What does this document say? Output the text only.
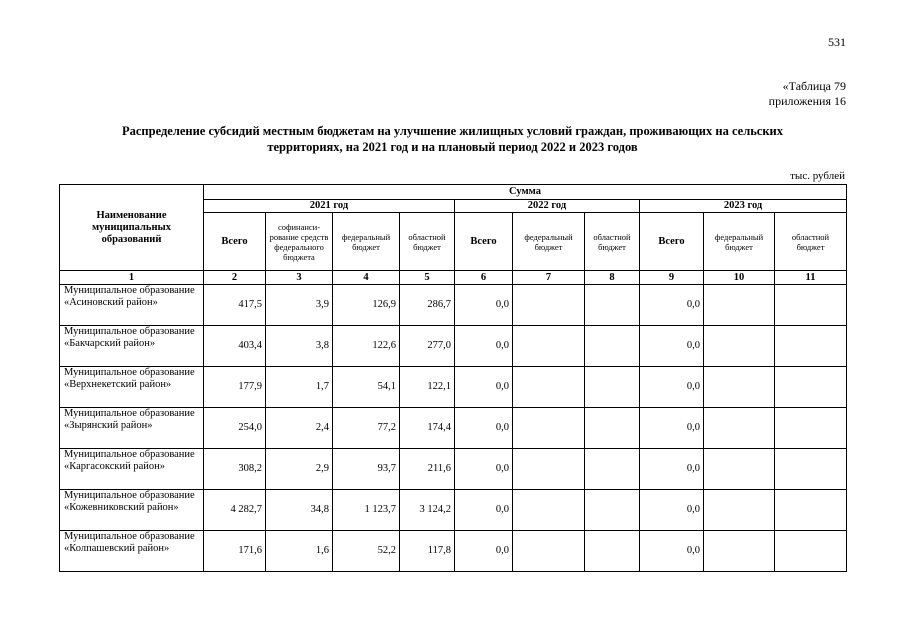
531
«Таблица 79
приложения 16
Распределение субсидий местным бюджетам на улучшение жилищных условий граждан, проживающих на сельских
территориях, на 2021 год и на плановый период 2022 и 2023 годов
тыс. рублей
Наименование муниципальных образований	Сумма									
	2021 год				2022 год			2023 год		
	Всего	софинанси-рование средств федерального бюджета	федеральный бюджет	областной бюджет	Всего	федеральный бюджет	областной бюджет	Всего	федеральный бюджет	областной бюджет
1	2	3	4	5	6	7	8	9	10	11
Муниципальное образование «Асиновский район»	417,5	3,9	126,9	286,7	0,0			0,0		
Муниципальное образование «Бакчарский район»	403,4	3,8	122,6	277,0	0,0			0,0		
Муниципальное образование «Верхнекетский район»	177,9	1,7	54,1	122,1	0,0			0,0		
Муниципальное образование «Зырянский район»	254,0	2,4	77,2	174,4	0,0			0,0		
Муниципальное образование «Каргасокский район»	308,2	2,9	93,7	211,6	0,0			0,0		
Муниципальное образование «Кожевниковский район»	4 282,7	34,8	1 123,7	3 124,2	0,0			0,0		
Муниципальное образование «Колпашевский район»	171,6	1,6	52,2	117,8	0,0			0,0		
